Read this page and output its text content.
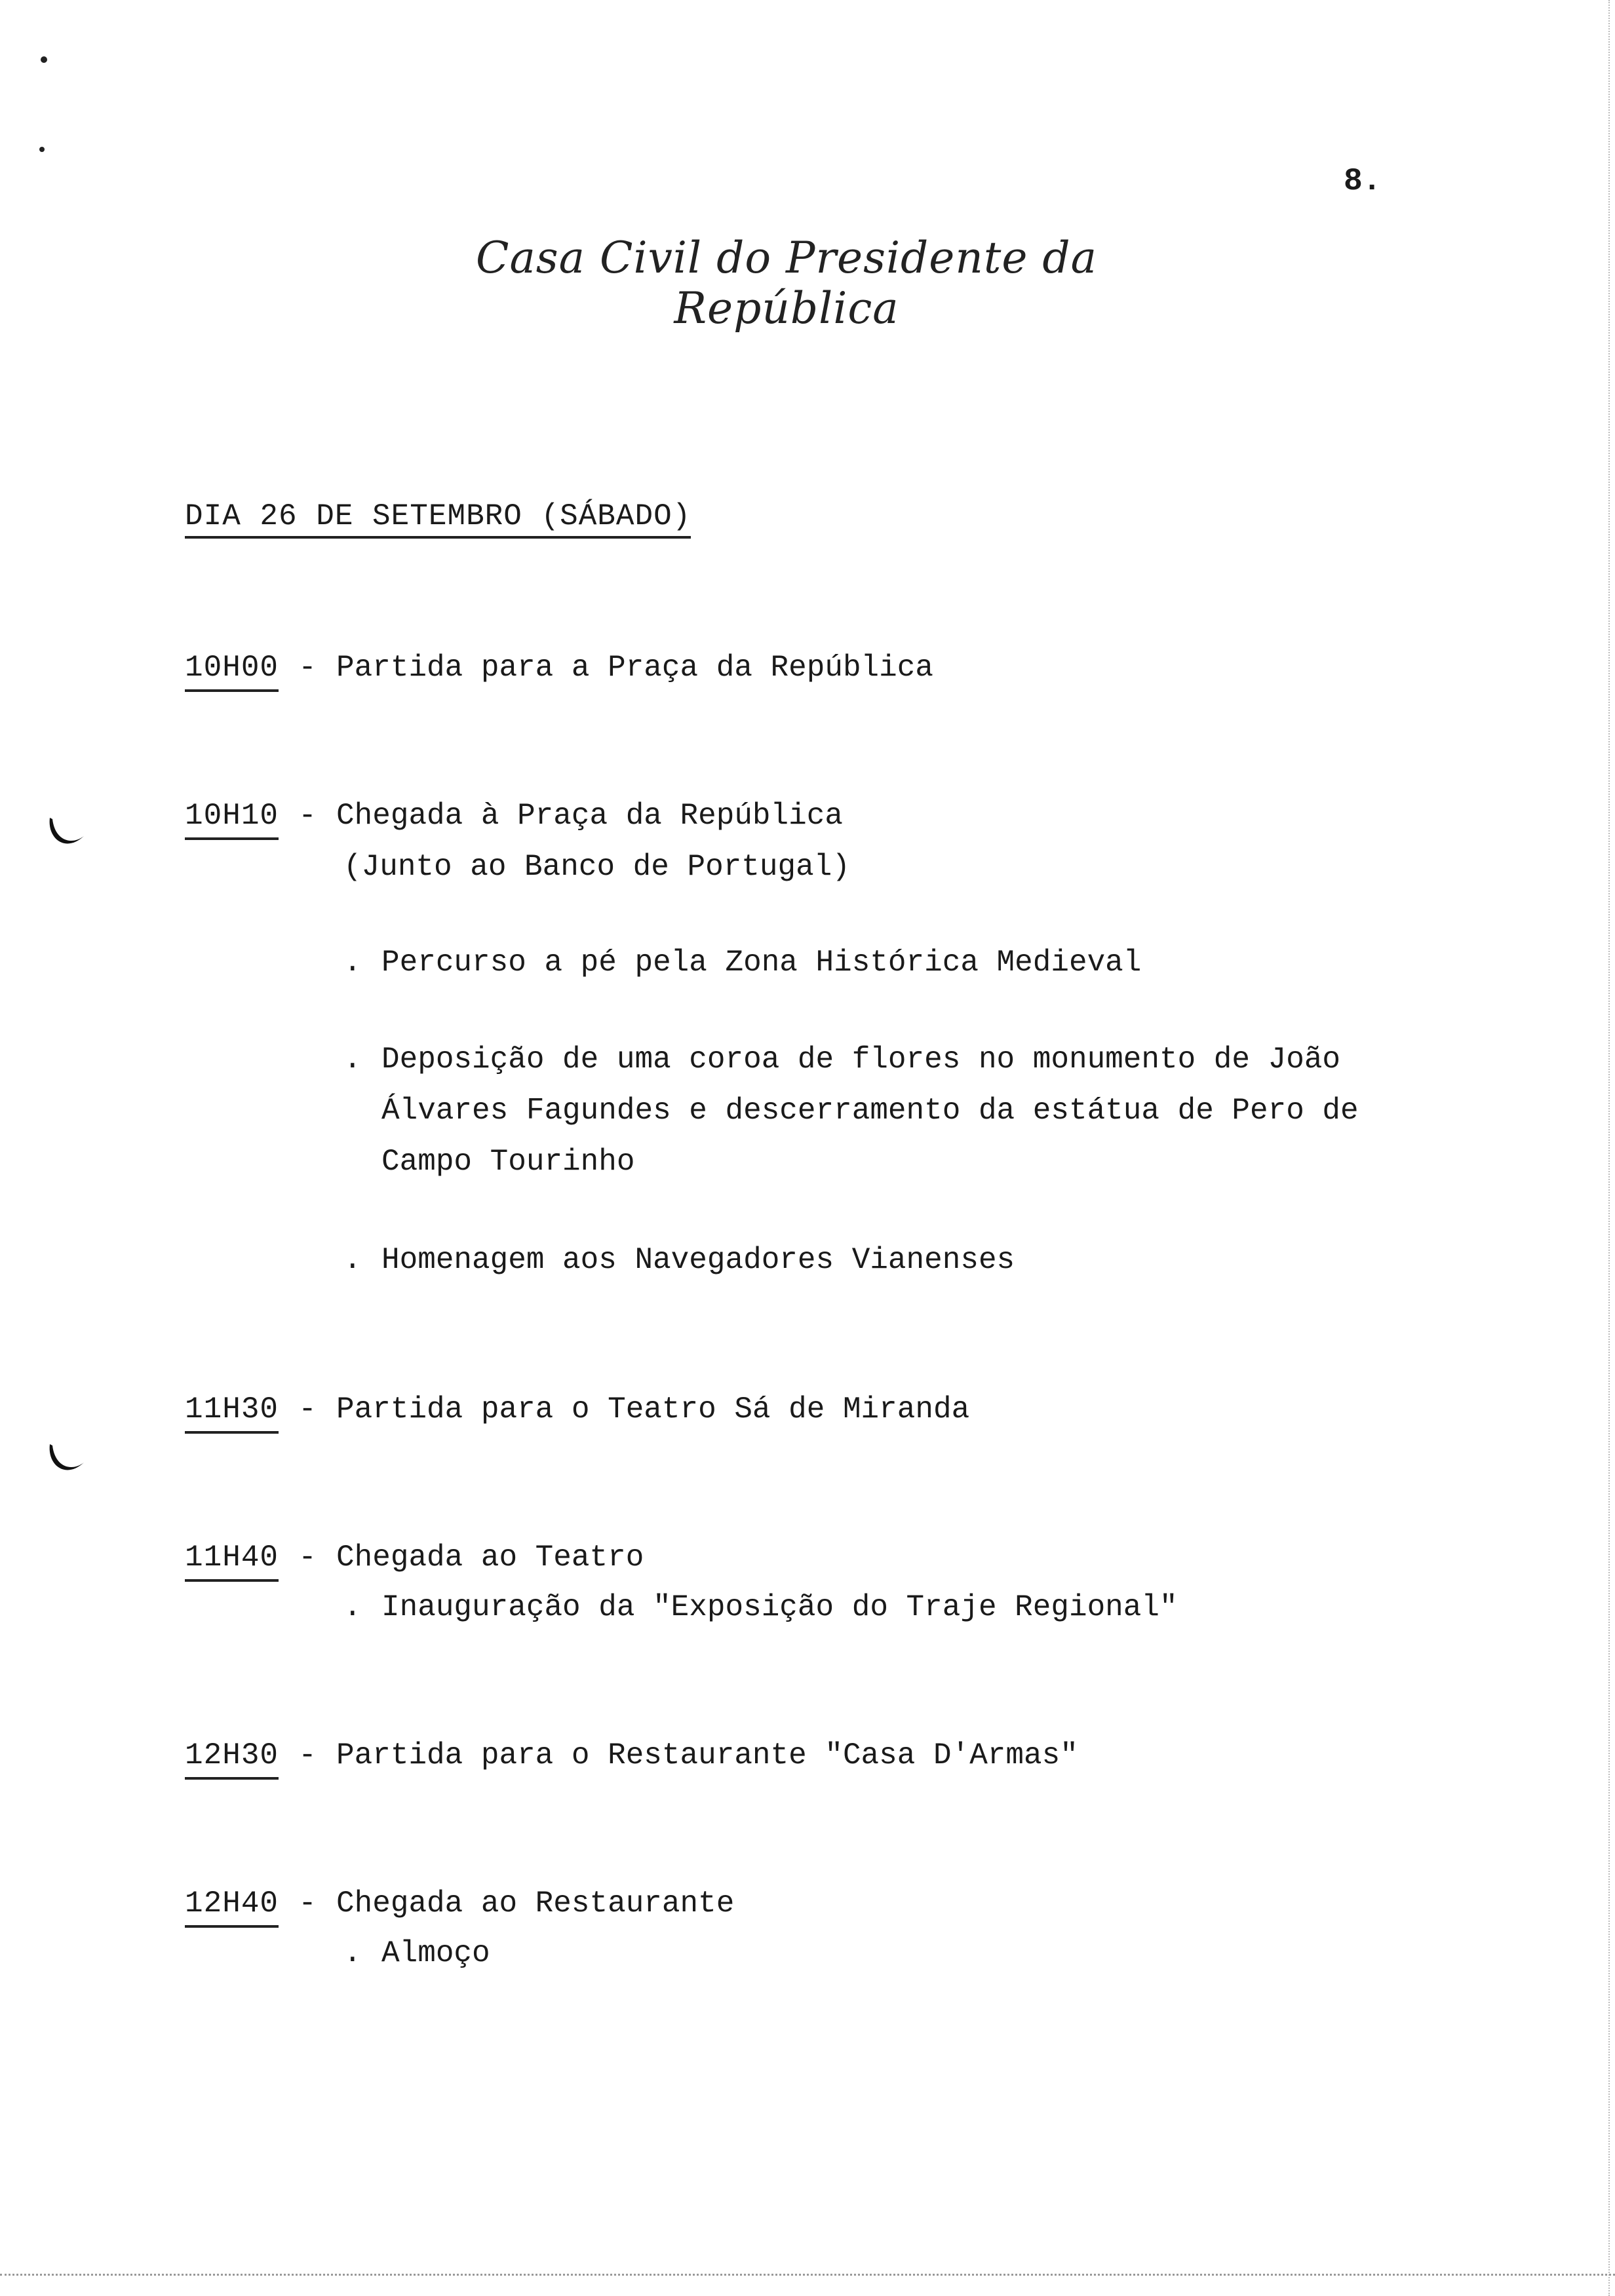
8.
Casa Civil do Presidente da República
DIA 26 DE SETEMBRO (SÁBADO)
10H00 - Partida para a Praça da República
10H10 - Chegada à Praça da República
(Junto ao Banco de Portugal)
. Percurso a pé pela Zona Histórica Medieval
. Deposição de uma coroa de flores no monumento de João
Álvares Fagundes e descerramento da estátua de Pero de
Campo Tourinho
. Homenagem aos Navegadores Vianenses
11H30 - Partida para o Teatro Sá de Miranda
11H40 - Chegada ao Teatro
. Inauguração da "Exposição do Traje Regional"
12H30 - Partida para o Restaurante "Casa D'Armas"
12H40 - Chegada ao Restaurante
. Almoço
